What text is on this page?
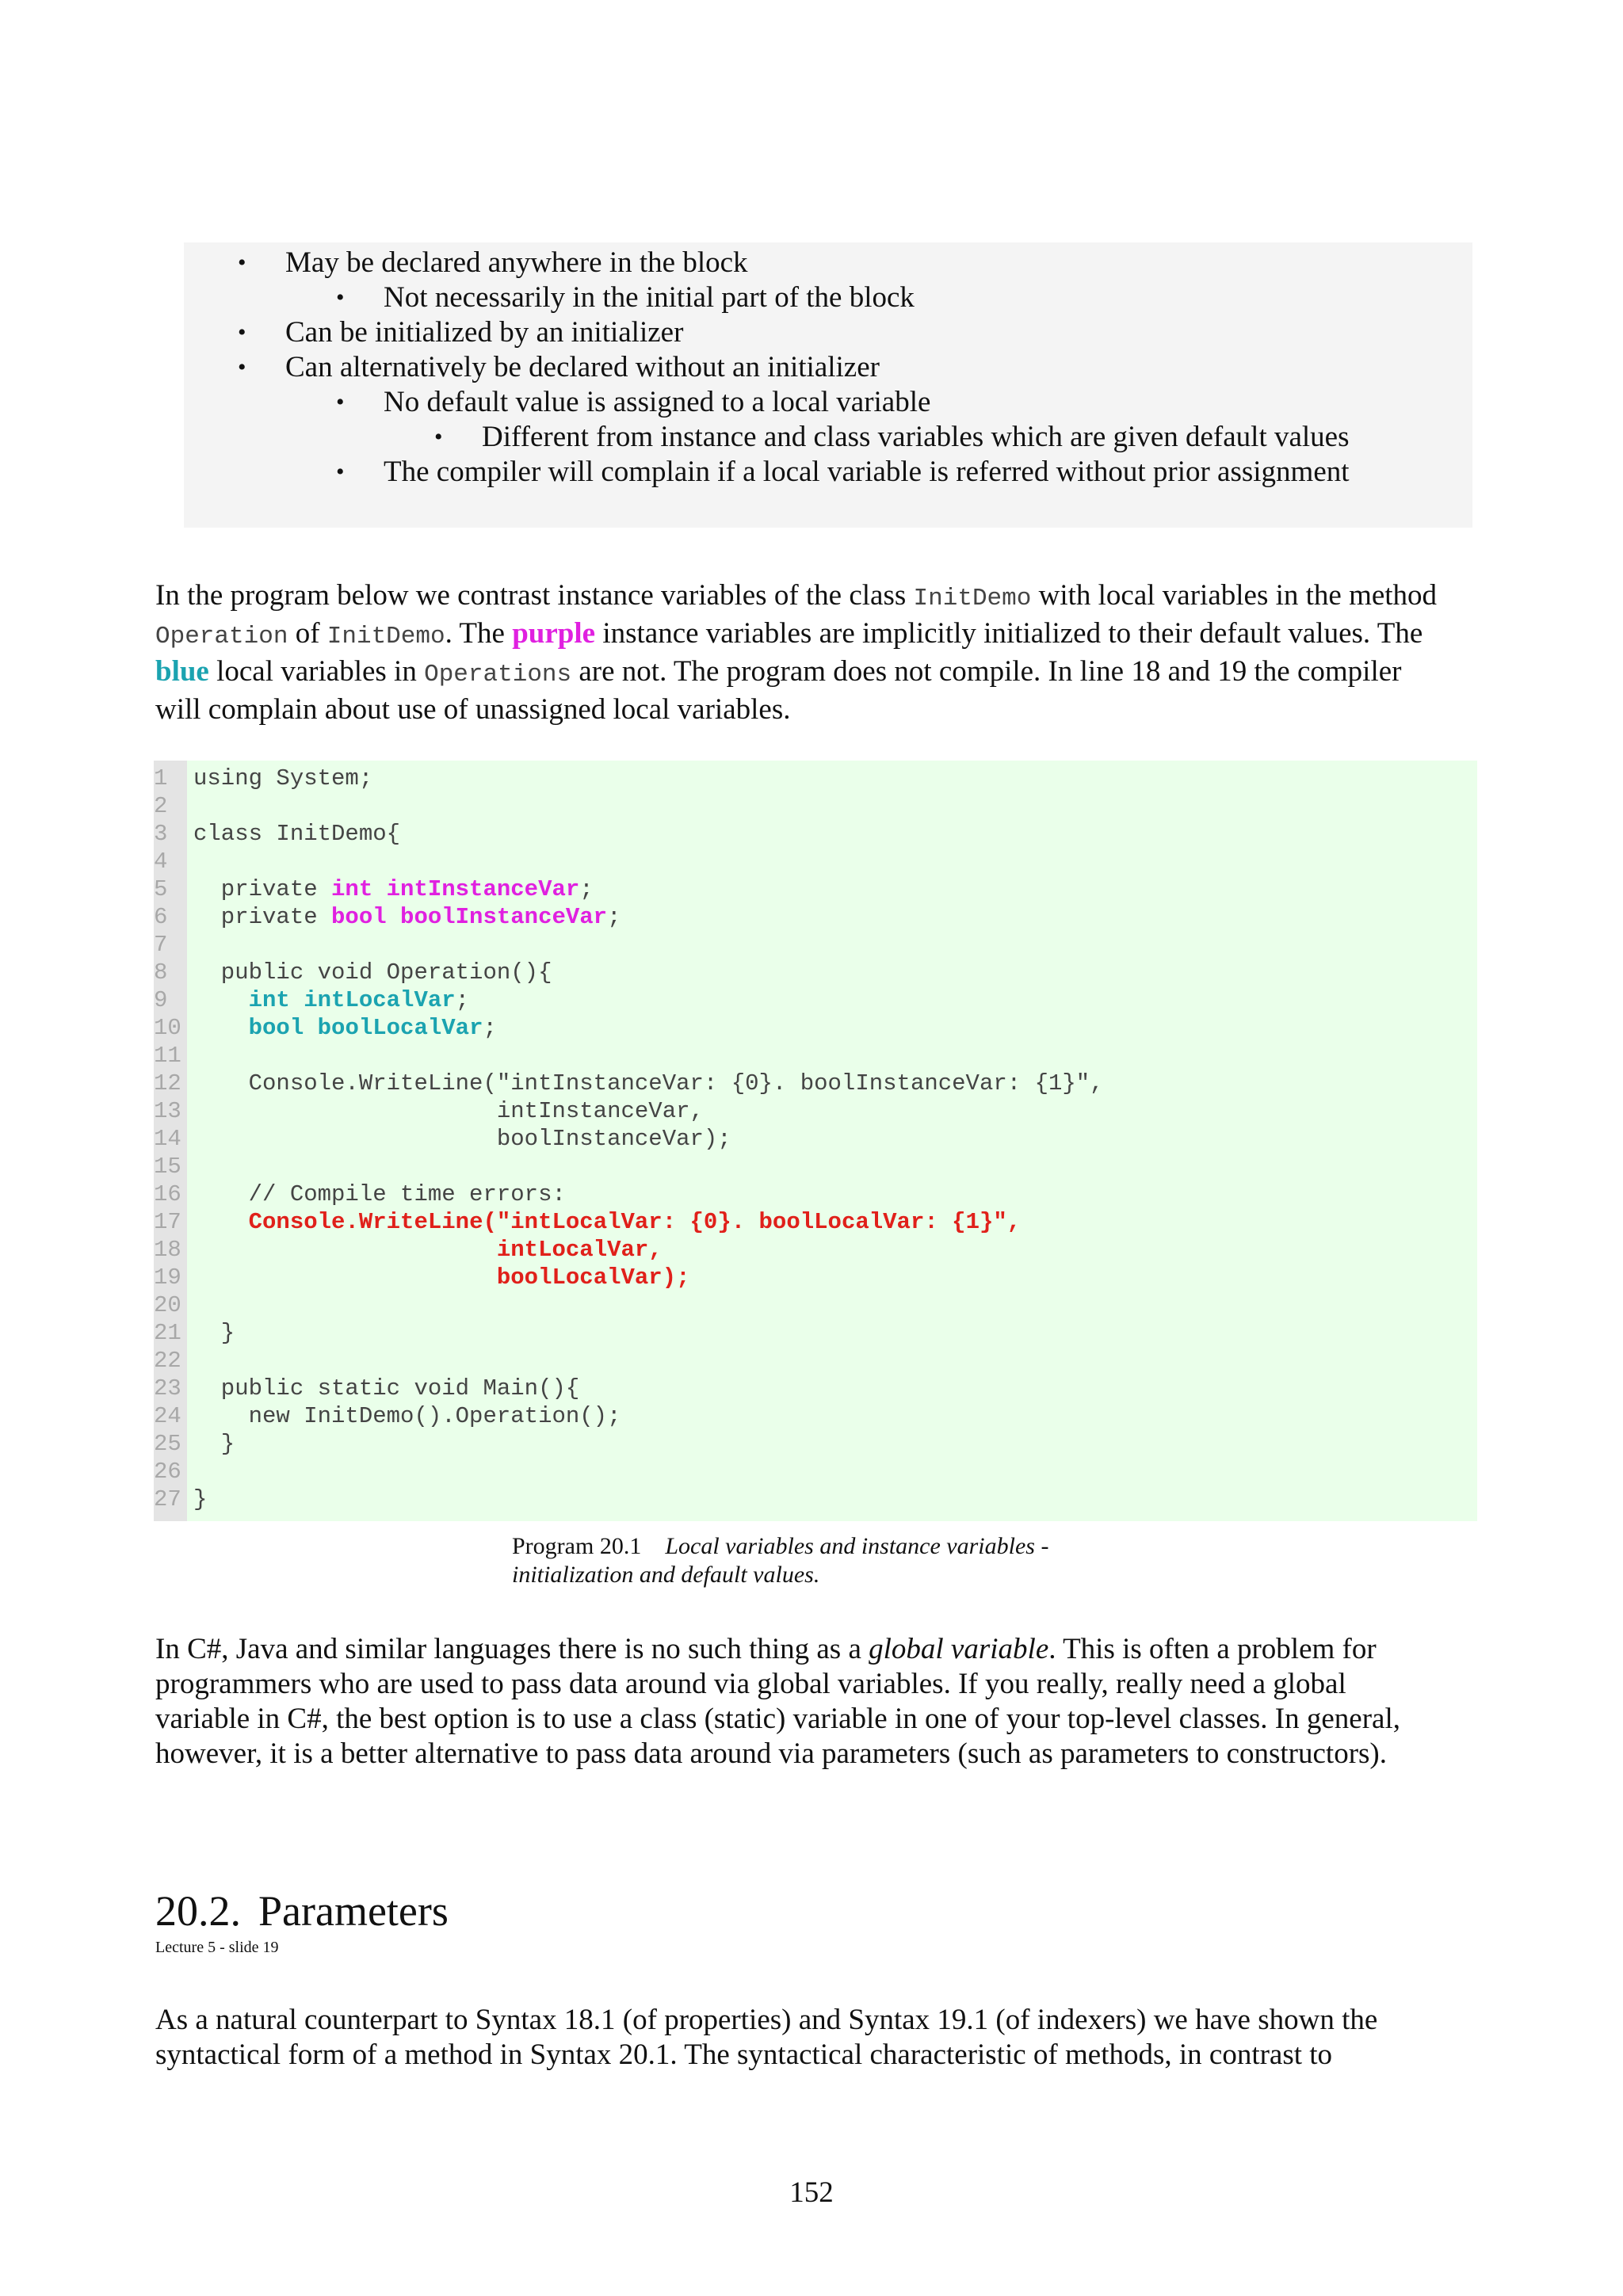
• May be declared anywhere in the block
• Not necessarily in the initial part of the block
• Can be initialized by an initializer
• Can alternatively be declared without an initializer
• No default value is assigned to a local variable
• Different from instance and class variables which are given default values
• The compiler will complain if a local variable is referred without prior assignment
In the program below we contrast instance variables of the class InitDemo with local variables in the method
Operation of InitDemo. The purple instance variables are implicitly initialized to their default values. The
blue local variables in Operations are not. The program does not compile. In line 18 and 19 the compiler
will complain about use of unassigned local variables.
1	using System;
2
3	class InitDemo{
4
5	private int intInstanceVar;
6	private bool boolInstanceVar;
7
8	public void Operation(){
9	int intLocalVar;
10	bool boolLocalVar;
11
12 Console.WriteLine("intInstanceVar: {0}. boolInstanceVar: {1}",
13 intInstanceVar,
14 boolInstanceVar);
15
16 // Compile time errors:
17	Console.WriteLine("intLocalVar: {0}. boolLocalVar: {1}",
18	intLocalVar,
19	boolLocalVar);
20
21 }
22
23 public static void Main(){
24 new InitDemo().Operation();
25 }
26
27 }
Program 20.1 Local variables and instance variables -
initialization and default values.
In C#, Java and similar languages there is no such thing as a global variable. This is often a problem for
programmers who are used to pass data around via global variables. If you really, really need a global
variable in C#, the best option is to use a class (static) variable in one of your top-level classes. In general,
however, it is a better alternative to pass data around via parameters (such as parameters to constructors).
20.2. Parameters
Lecture 5 - slide 19
As a natural counterpart to Syntax 18.1 (of properties) and Syntax 19.1 (of indexers) we have shown the
syntactical form of a method in Syntax 20.1. The syntactical characteristic of methods, in contrast to
152
